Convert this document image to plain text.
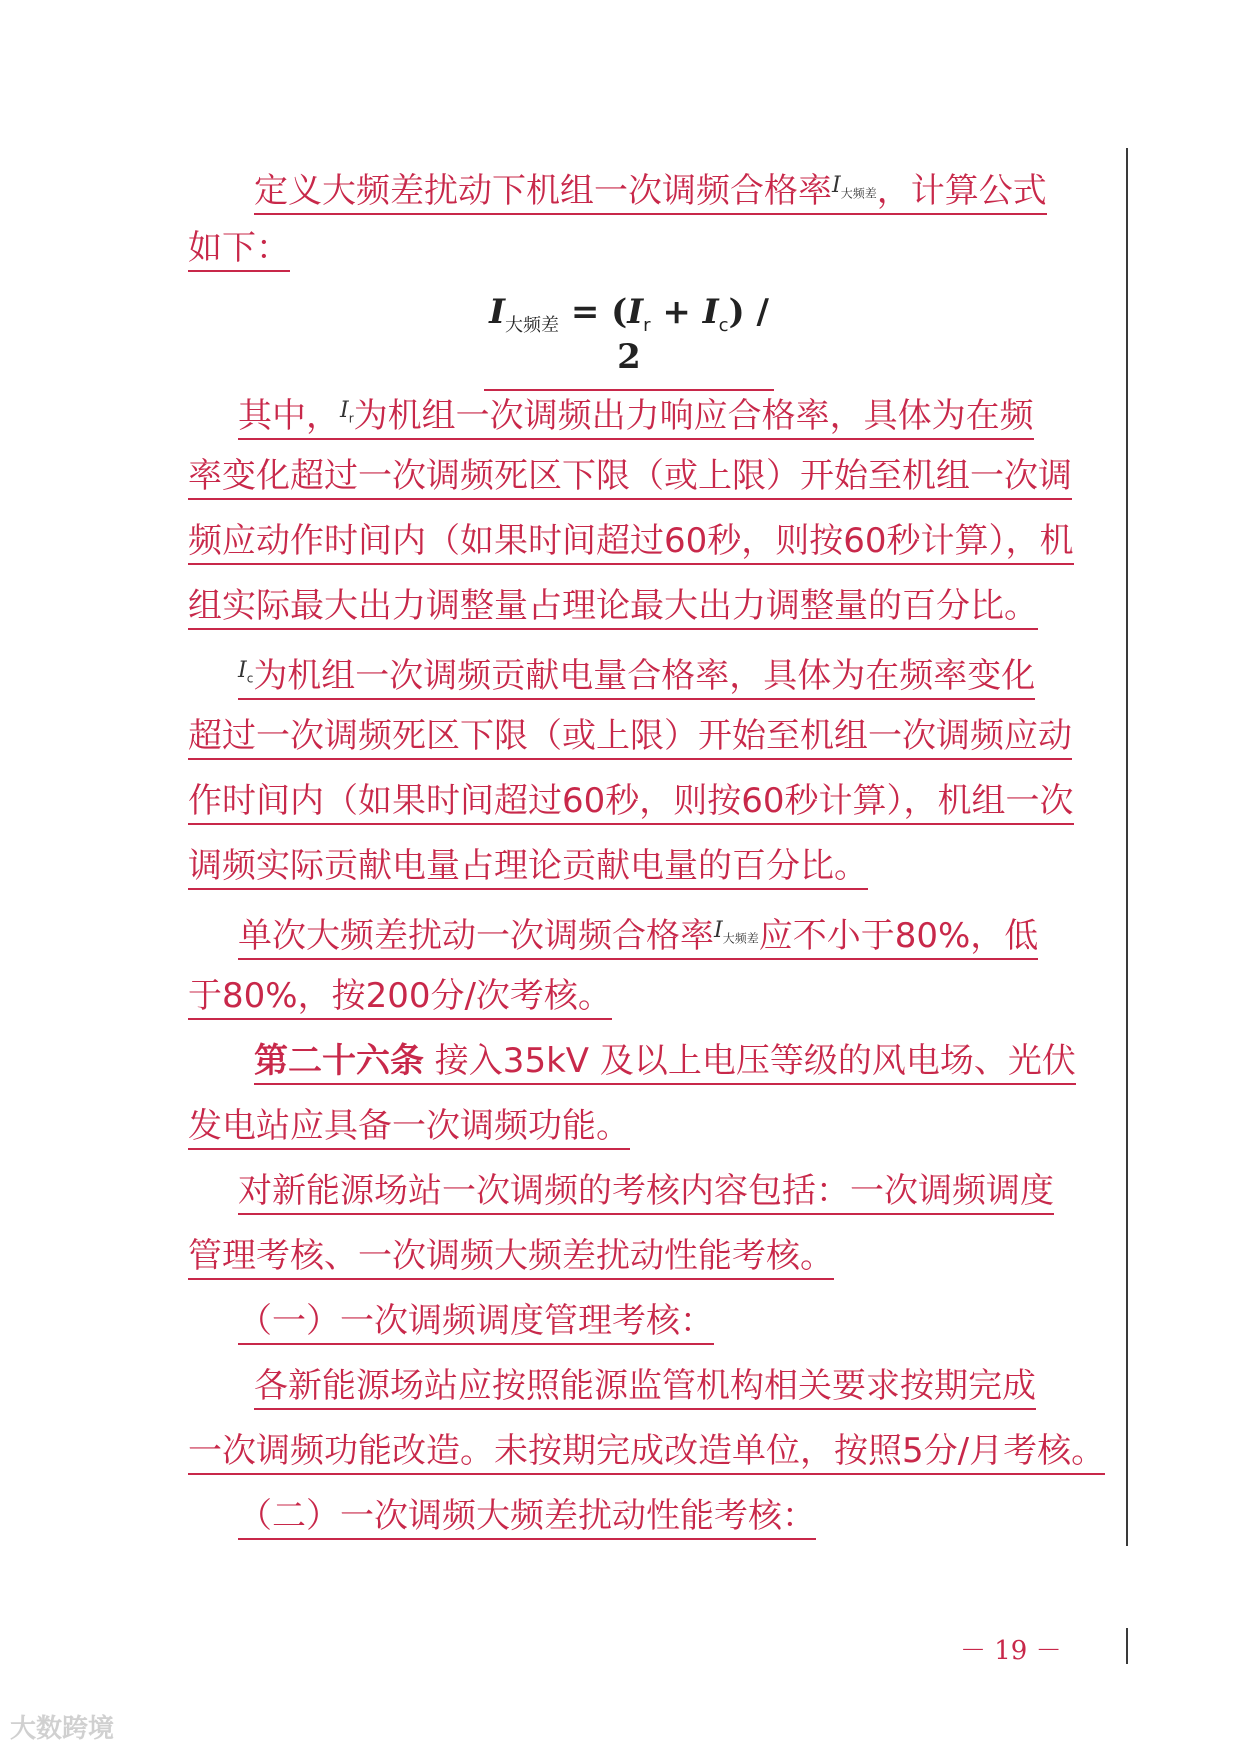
定义大频差扰动下机组一次调频合格率$^{I_{大频差}}$，计算公式
如下：
$I_{大频差} = (I_r + I_c) / 2$
其中，$^{I_r}$为机组一次调频出力响应合格率，具体为在频
率变化超过一次调频死区下限（或上限）开始至机组一次调
频应动作时间内（如果时间超过60秒，则按60秒计算），机
组实际最大出力调整量占理论最大出力调整量的百分比。
$^{I_c}$为机组一次调频贡献电量合格率，具体为在频率变化
超过一次调频死区下限（或上限）开始至机组一次调频应动
作时间内（如果时间超过60秒，则按60秒计算），机组一次
调频实际贡献电量占理论贡献电量的百分比。
单次大频差扰动一次调频合格率$^{I_{大频差}}$应不小于80%，低
于80%，按200分/次考核。
第二十六条 接入35kV 及以上电压等级的风电场、光伏
发电站应具备一次调频功能。
对新能源场站一次调频的考核内容包括：一次调频调度
管理考核、一次调频大频差扰动性能考核。
（一）一次调频调度管理考核：
各新能源场站应按照能源监管机构相关要求按期完成
一次调频功能改造。未按期完成改造单位，按照5分/月考核。
（二）一次调频大频差扰动性能考核：
－ 19 －
大数跨境
